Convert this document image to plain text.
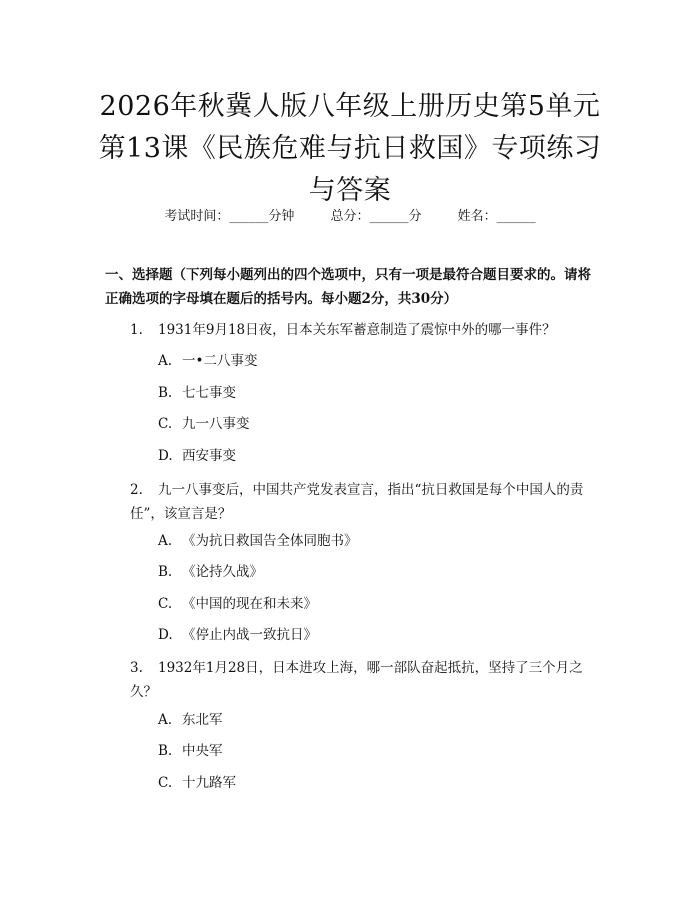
2026年秋冀人版八年级上册历史第5单元第13课《民族危难与抗日救国》专项练习与答案
考试时间：______分钟	总分：______分	姓名：______
一、选择题（下列每小题列出的四个选项中，只有一项是最符合题目要求的。请将正确选项的字母填在题后的括号内。每小题2分，共30分）
1. 1931年9月18日夜，日本关东军蓄意制造了震惊中外的哪一事件？
A. 一•二八事变
B. 七七事变
C. 九一八事变
D. 西安事变
2. 九一八事变后，中国共产党发表宣言，指出“抗日救国是每个中国人的责任”，该宣言是？
A. 《为抗日救国告全体同胞书》
B. 《论持久战》
C. 《中国的现在和未来》
D. 《停止内战一致抗日》
3. 1932年1月28日，日本进攻上海，哪一部队奋起抵抗，坚持了三个月之久？
A. 东北军
B. 中央军
C. 十九路军
